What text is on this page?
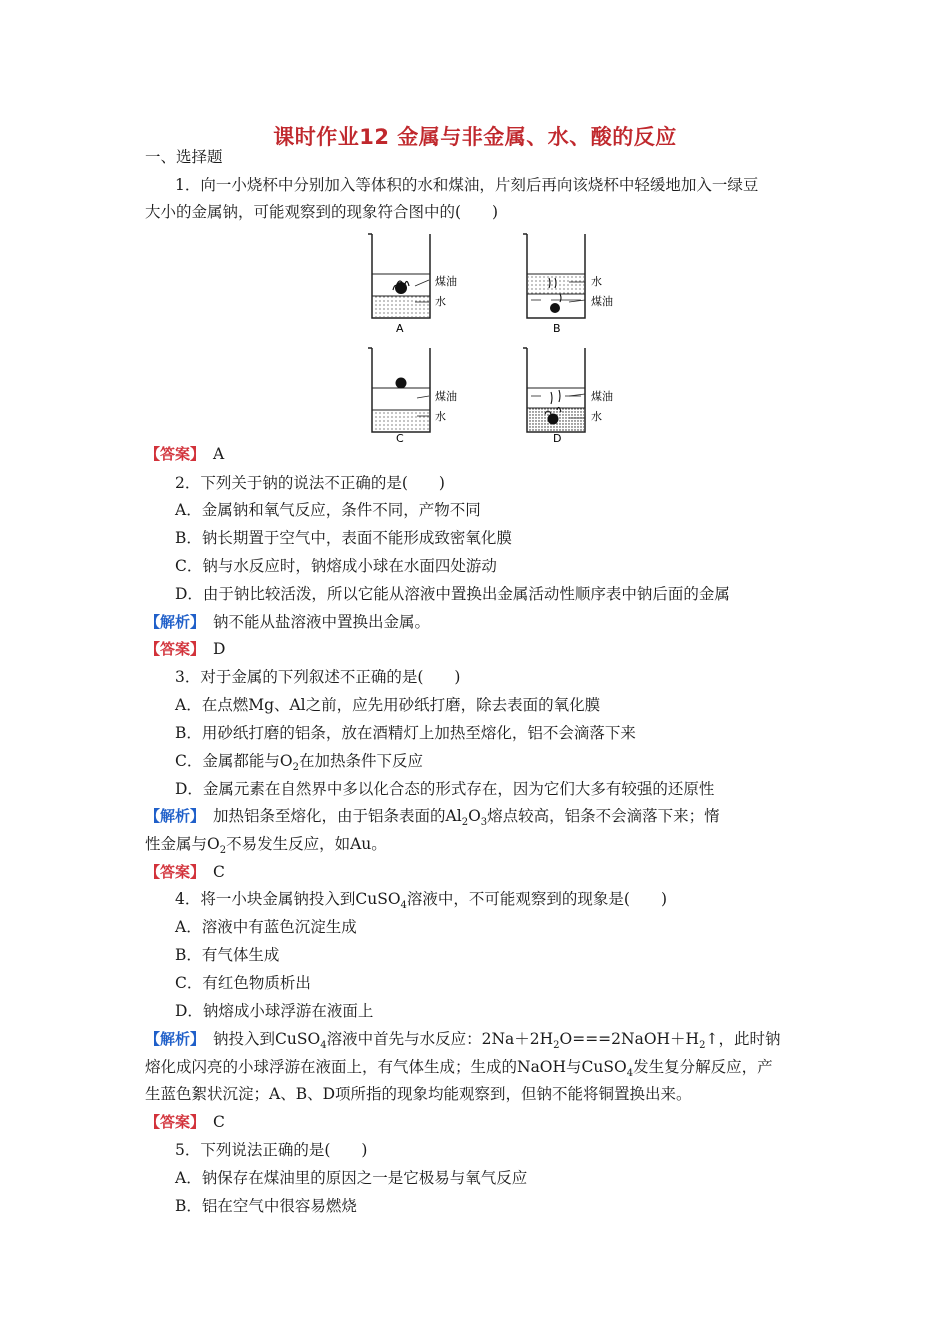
课时作业12 金属与非金属、水、酸的反应
一、选择题
1．向一小烧杯中分别加入等体积的水和煤油，片刻后再向该烧杯中轻缓地加入一绿豆
大小的金属钠，可能观察到的现象符合图中的(　　)
煤油
水
A
水
煤油
B
煤油
水
C
煤油
水
D
【答案】　 A
2．下列关于钠的说法不正确的是(　　)
A．金属钠和氧气反应，条件不同，产物不同
B．钠长期置于空气中，表面不能形成致密氧化膜
C．钠与水反应时，钠熔成小球在水面四处游动
D．由于钠比较活泼，所以它能从溶液中置换出金属活动性顺序表中钠后面的金属
【解析】　 钠不能从盐溶液中置换出金属。
【答案】　 D
3．对于金属的下列叙述不正确的是(　　)
A．在点燃Mg、Al之前，应先用砂纸打磨，除去表面的氧化膜
B．用砂纸打磨的铝条，放在酒精灯上加热至熔化，铝不会滴落下来
C．金属都能与$O_2$在加热条件下反应
D．金属元素在自然界中多以化合态的形式存在，因为它们大多有较强的还原性
【解析】　 加热铝条至熔化，由于铝条表面的$Al_2O_3$熔点较高，铝条不会滴落下来；惰
性金属与$O_2$不易发生反应，如Au。
【答案】　 C
4．将一小块金属钠投入到CuSO$_4$溶液中，不可能观察到的现象是(　　)
A．溶液中有蓝色沉淀生成
B．有气体生成
C．有红色物质析出
D．钠熔成小球浮游在液面上
【解析】　 钠投入到CuSO$_4$溶液中首先与水反应：$2Na+2H_2O===2NaOH+H_2↑$，此时钠
熔化成闪亮的小球浮游在液面上，有气体生成；生成的NaOH与CuSO$_4$发生复分解反应，产
生蓝色絮状沉淀；A、B、D项所指的现象均能观察到，但钠不能将铜置换出来。
【答案】　 C
5．下列说法正确的是(　　)
A．钠保存在煤油里的原因之一是它极易与氧气反应
B．铝在空气中很容易燃烧
